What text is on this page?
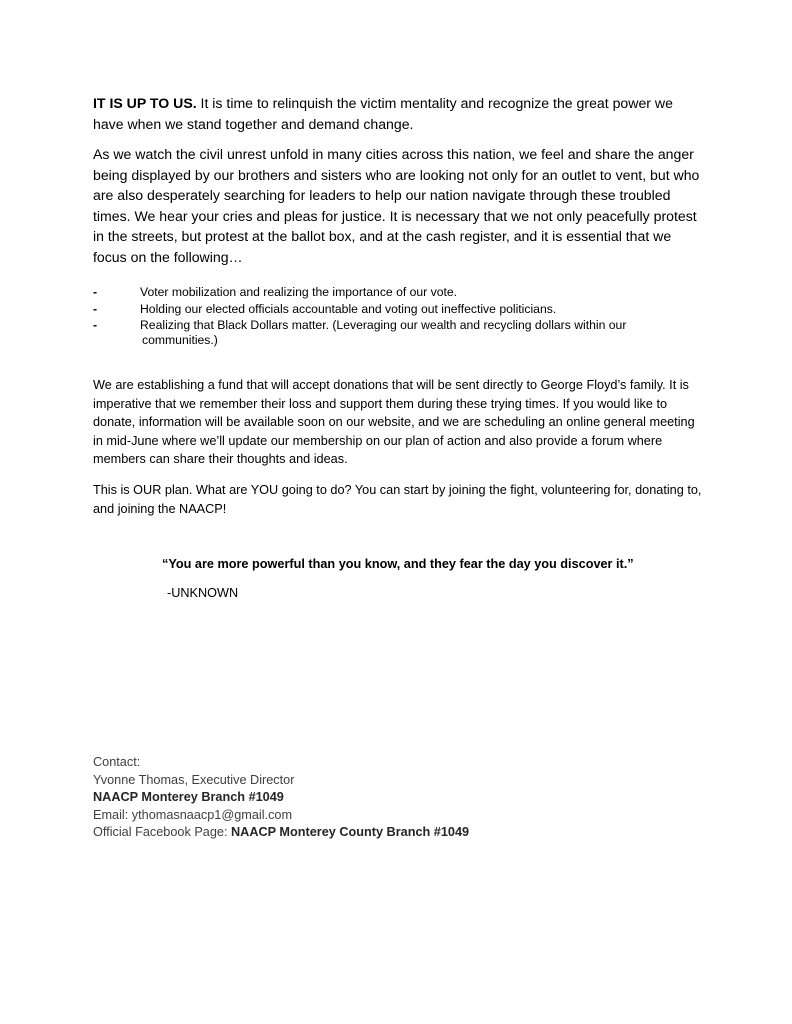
IT IS UP TO US. It is time to relinquish the victim mentality and recognize the great power we have when we stand together and demand change.

As we watch the civil unrest unfold in many cities across this nation, we feel and share the anger being displayed by our brothers and sisters who are looking not only for an outlet to vent, but who are also desperately searching for leaders to help our nation navigate through these troubled times. We hear your cries and pleas for justice. It is necessary that we not only peacefully protest in the streets, but protest at the ballot box, and at the cash register, and it is essential that we focus on the following…

-	Voter mobilization and realizing the importance of our vote.
-	Holding our elected officials accountable and voting out ineffective politicians.
-	Realizing that Black Dollars matter. (Leveraging our wealth and recycling dollars within our
communities.)

We are establishing a fund that will accept donations that will be sent directly to George Floyd’s family. It is imperative that we remember their loss and support them during these trying times. If you would like to donate, information will be available soon on our website, and we are scheduling an online general meeting in mid-June where we’ll update our membership on our plan of action and also provide a forum where members can share their thoughts and ideas.

This is OUR plan. What are YOU going to do? You can start by joining the fight, volunteering for, donating to, and joining the NAACP!

“You are more powerful than you know, and they fear the day you discover it.”

-UNKNOWN

Contact:
Yvonne Thomas, Executive Director
NAACP Monterey Branch #1049
Email: ythomasnaacp1@gmail.com
Official Facebook Page: NAACP Monterey County Branch #1049
